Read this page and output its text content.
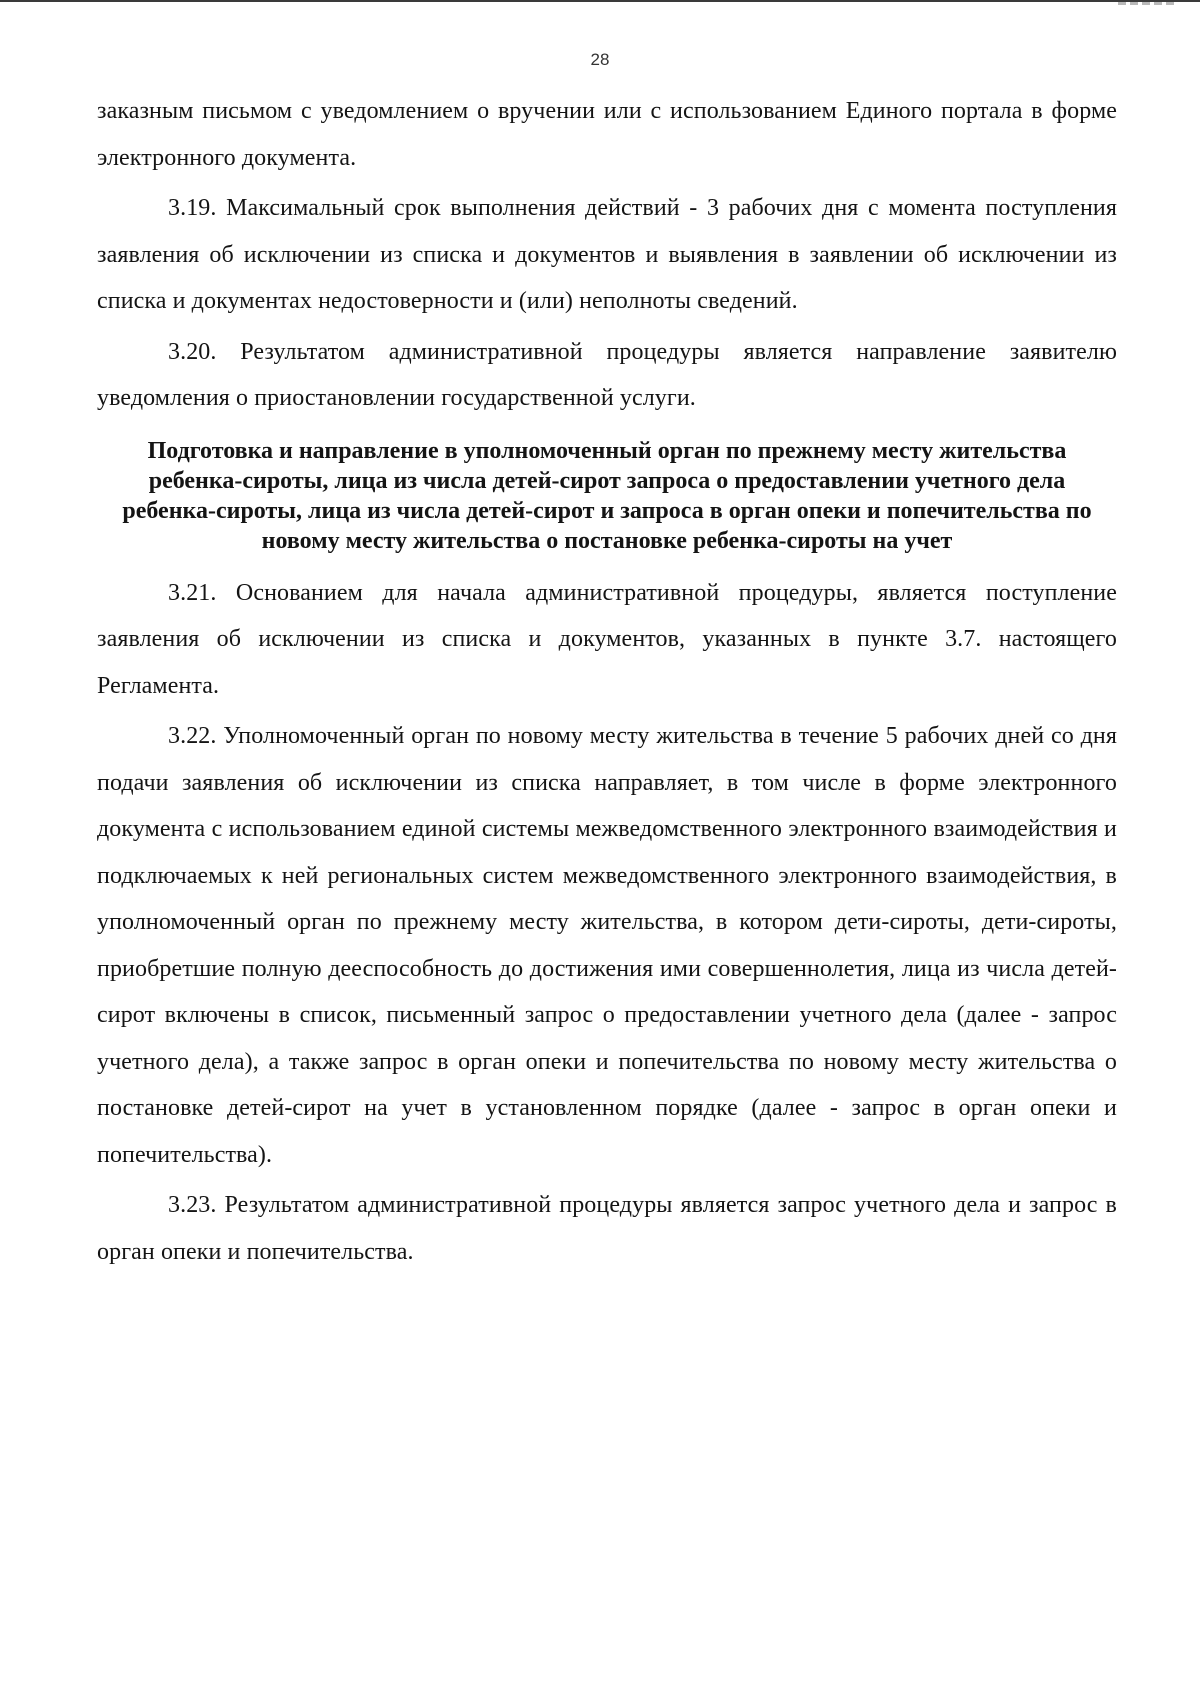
28

заказным письмом с уведомлением о вручении или с использованием Единого портала в форме электронного документа.

3.19. Максимальный срок выполнения действий - 3 рабочих дня с момента поступления заявления об исключении из списка и документов и выявления в заявлении об исключении из списка и документах недостоверности и (или) неполноты сведений.

3.20. Результатом административной процедуры является направление заявителю уведомления о приостановлении государственной услуги.

Подготовка и направление в уполномоченный орган по прежнему месту жительства ребенка-сироты, лица из числа детей-сирот запроса о предоставлении учетного дела ребенка-сироты, лица из числа детей-сирот и запроса в орган опеки и попечительства по новому месту жительства о постановке ребенка-сироты на учет

3.21. Основанием для начала административной процедуры, является поступление заявления об исключении из списка и документов, указанных в пункте 3.7. настоящего Регламента.

3.22. Уполномоченный орган по новому месту жительства в течение 5 рабочих дней со дня подачи заявления об исключении из списка направляет, в том числе в форме электронного документа с использованием единой системы межведомственного электронного взаимодействия и подключаемых к ней региональных систем межведомственного электронного взаимодействия, в уполномоченный орган по прежнему месту жительства, в котором дети-сироты, дети-сироты, приобретшие полную дееспособность до достижения ими совершеннолетия, лица из числа детей-сирот включены в список, письменный запрос о предоставлении учетного дела (далее - запрос учетного дела), а также запрос в орган опеки и попечительства по новому месту жительства о постановке детей-сирот на учет в установленном порядке (далее - запрос в орган опеки и попечительства).

3.23. Результатом административной процедуры является запрос учетного дела и запрос в орган опеки и попечительства.
